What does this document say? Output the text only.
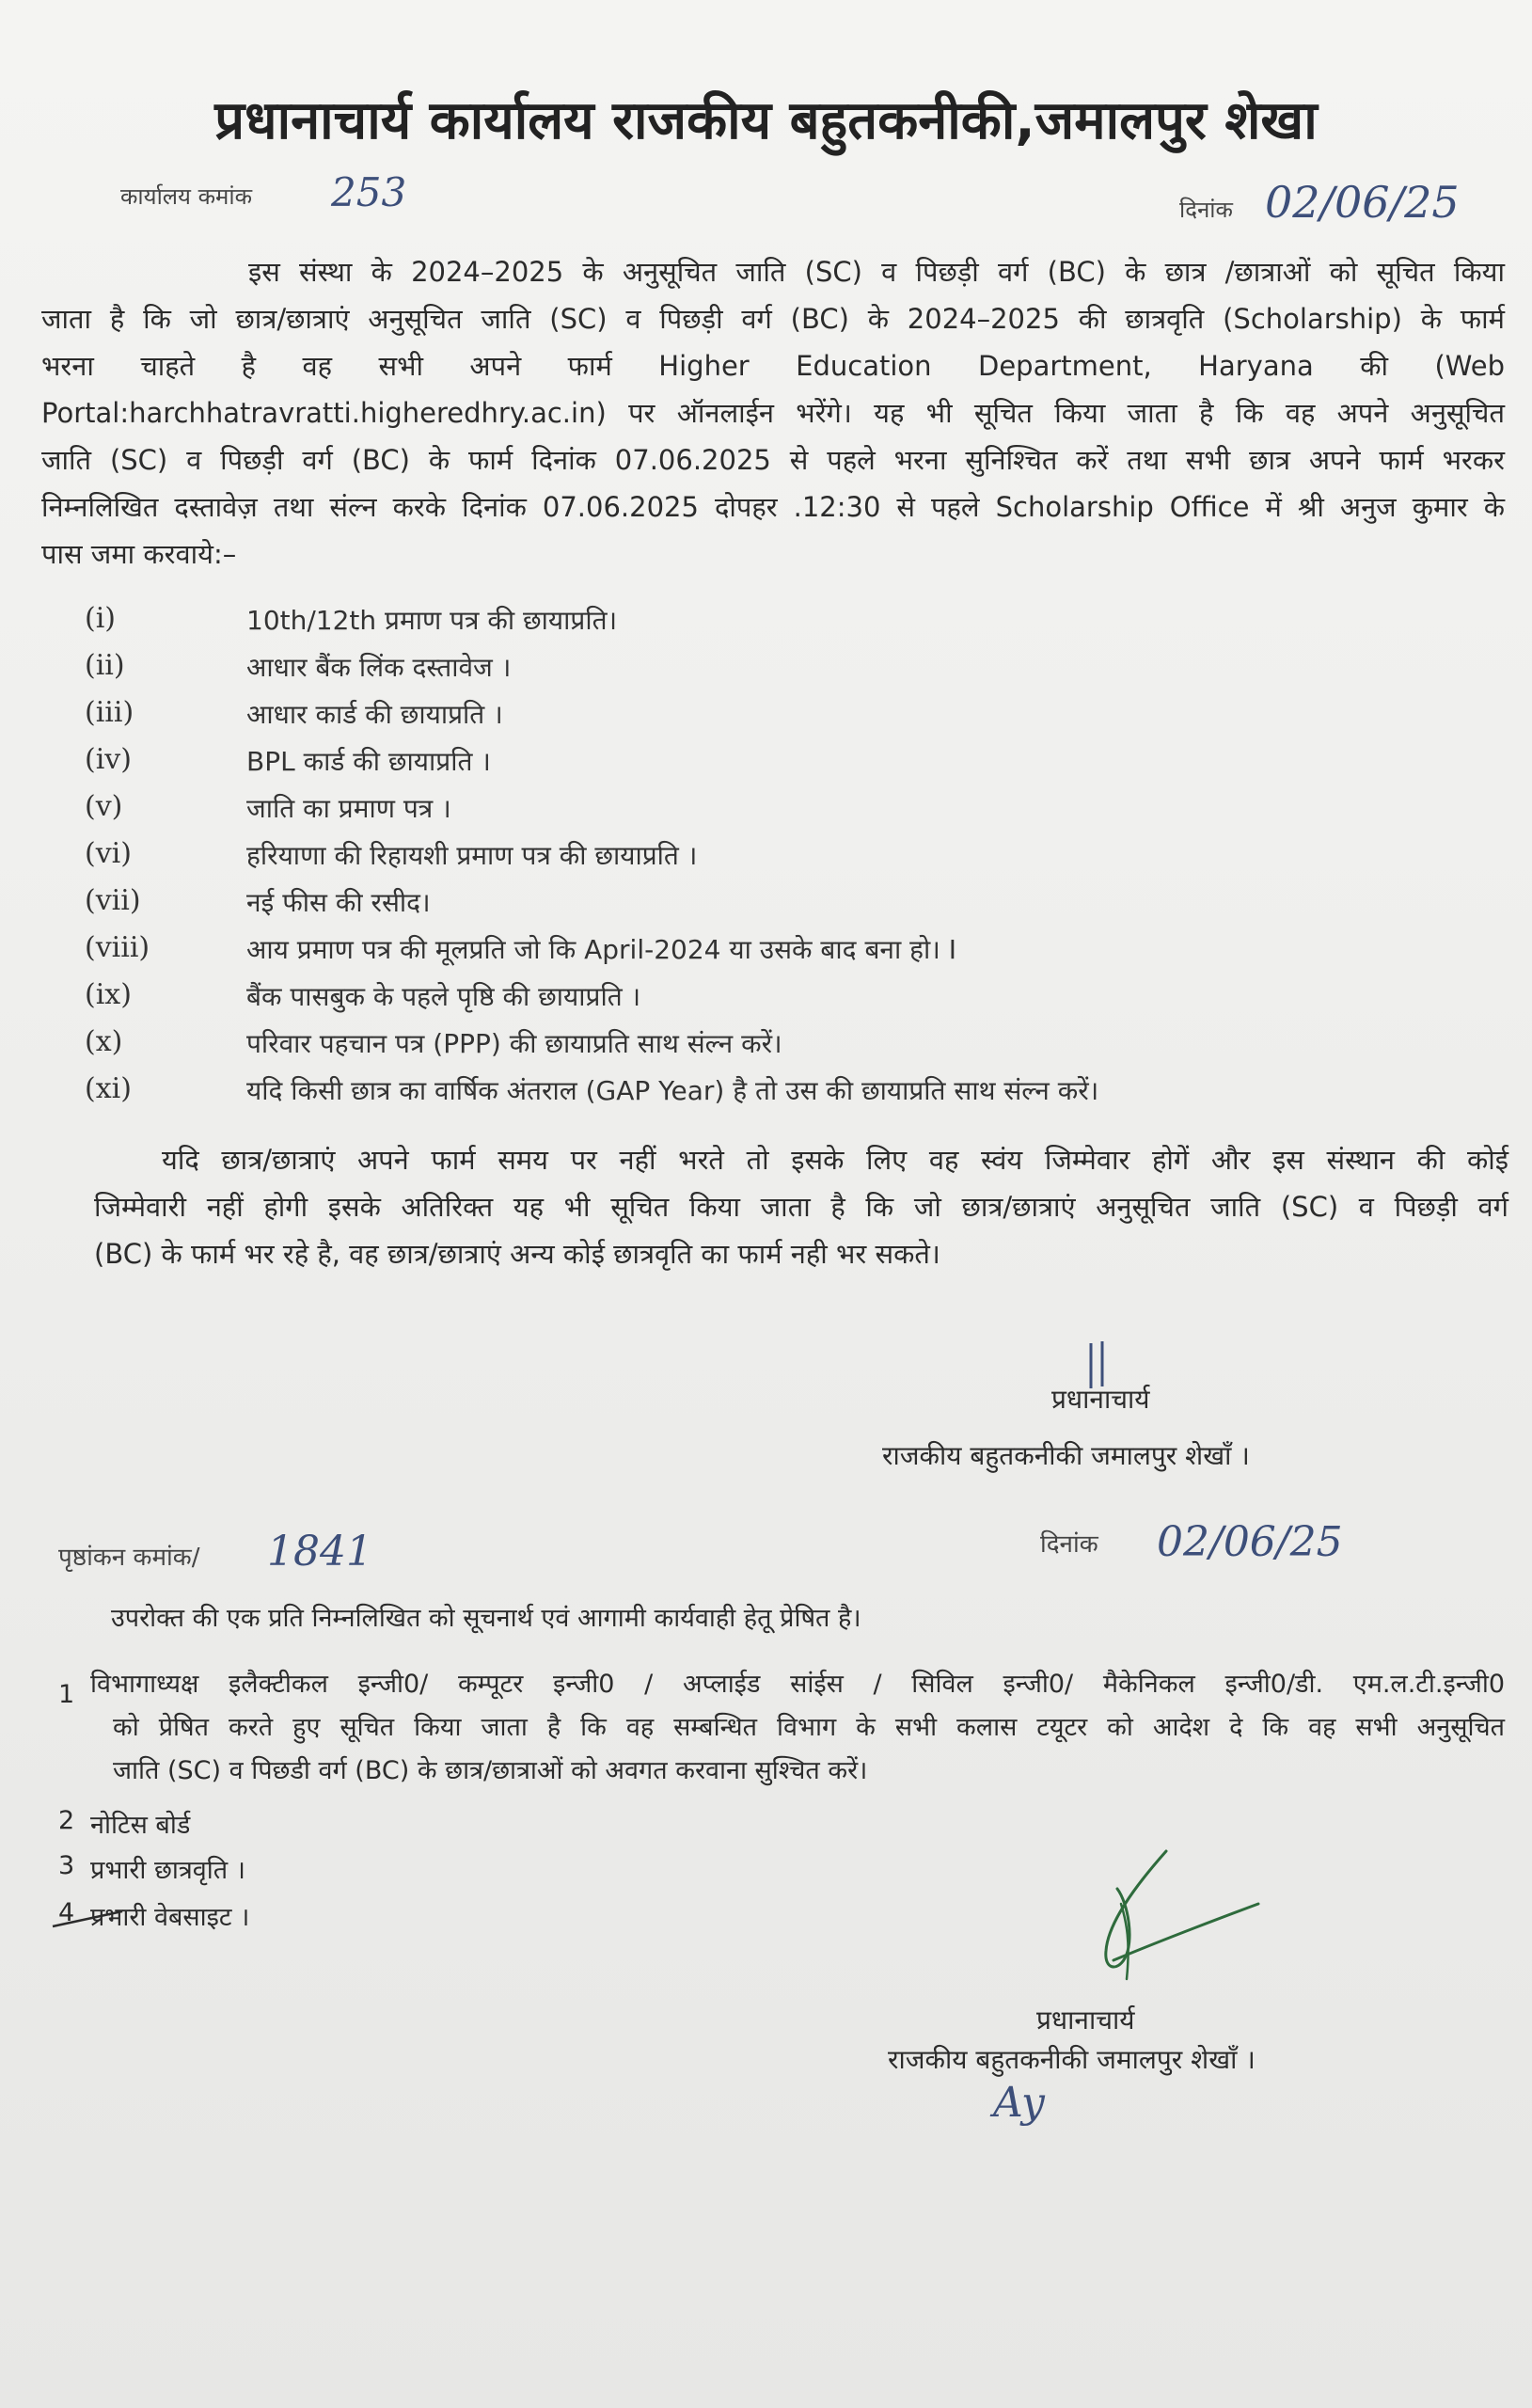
प्रधानाचार्य कार्यालय राजकीय बहुतकनीकी,जमालपुर शेखा
कार्यालय कमांक 253	दिनांक 02/06/25
इस संस्था के 2024–2025 के अनुसूचित जाति (SC) व पिछड़ी वर्ग (BC) के छात्र /छात्राओं को सूचित किया
जाता है कि जो छात्र/छात्राएं अनुसूचित जाति (SC) व पिछड़ी वर्ग (BC) के 2024–2025 की छात्रवृति (Scholarship) के फार्म
भरना चाहते है वह सभी अपने फार्म Higher Education Department, Haryana की (Web
Portal:harchhatravratti.higheredhry.ac.in) पर ऑनलाईन भरेंगे। यह भी सूचित किया जाता है कि वह अपने अनुसूचित
जाति (SC) व पिछड़ी वर्ग (BC) के फार्म दिनांक 07.06.2025 से पहले भरना सुनिश्चित करें तथा सभी छात्र अपने फार्म भरकर
निम्नलिखित दस्तावेज़ तथा संल्न करके दिनांक 07.06.2025 दोपहर .12:30 से पहले Scholarship Office में श्री अनुज कुमार के
पास जमा करवाये:–
(i)	10th/12th प्रमाण पत्र की छायाप्रति।
(ii)	आधार बैंक लिंक दस्तावेज ।
(iii)	आधार कार्ड की छायाप्रति ।
(iv)	BPL कार्ड की छायाप्रति ।
(v)	जाति का प्रमाण पत्र ।
(vi)	हरियाणा की रिहायशी प्रमाण पत्र की छायाप्रति ।
(vii)	नई फीस की रसीद।
(viii)	आय प्रमाण पत्र की मूलप्रति जो कि April-2024 या उसके बाद बना हो। I
(ix)	बैंक पासबुक के पहले पृष्ठि की छायाप्रति ।
(x)	परिवार पहचान पत्र (PPP) की छायाप्रति साथ संल्न करें।
(xi)	यदि किसी छात्र का वार्षिक अंतराल (GAP Year) है तो उस की छायाप्रति साथ संल्न करें।
यदि छात्र/छात्राएं अपने फार्म समय पर नहीं भरते तो इसके लिए वह स्वंय जिम्मेवार होगें और इस संस्थान की कोई
जिम्मेवारी नहीं होगी इसके अतिरिक्त यह भी सूचित किया जाता है कि जो छात्र/छात्राएं अनुसूचित जाति (SC) व पिछड़ी वर्ग
(BC) के फार्म भर रहे है, वह छात्र/छात्राएं अन्य कोई छात्रवृति का फार्म नही भर सकते।
प्रधानाचार्य
राजकीय बहुतकनीकी जमालपुर शेखाँ ।
पृष्ठांकन कमांक/ 1841	दिनांक 02/06/25
उपरोक्त की एक प्रति निम्नलिखित को सूचनार्थ एवं आगामी कार्यवाही हेतू प्रेषित है।
1 विभागाध्यक्ष इलैक्टीकल इन्जी0/ कम्पूटर इन्जी0 / अप्लाईड सांईस / सिविल इन्जी0/ मैकेनिकल इन्जी0/डी. एम.ल.टी.इन्जी0
को प्रेषित करते हुए सूचित किया जाता है कि वह सम्बन्धित विभाग के सभी कलास टयूटर को आदेश दे कि वह सभी अनुसूचित
जाति (SC) व पिछडी वर्ग (BC) के छात्र/छात्राओं को अवगत करवाना सुश्चित करें।
2 नोटिस बोर्ड
3 प्रभारी छात्रवृति ।
4 प्रभारी वेबसाइट ।
प्रधानाचार्य
राजकीय बहुतकनीकी जमालपुर शेखाँ ।
Ay
